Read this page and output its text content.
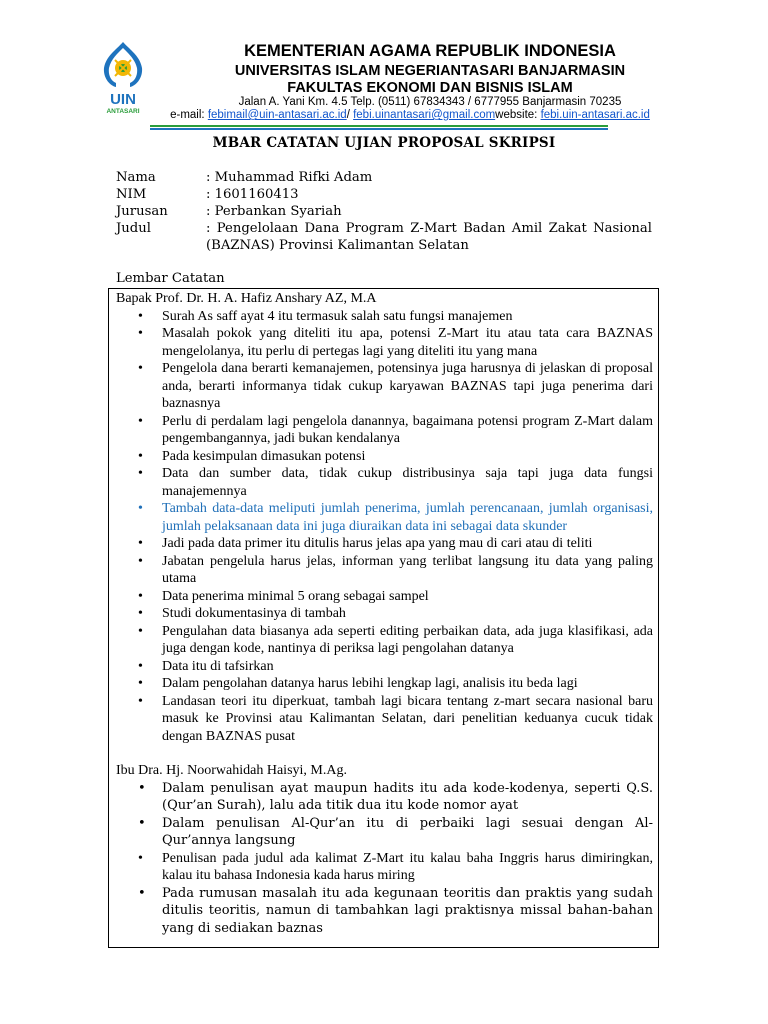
UIN
ANTASARI
KEMENTERIAN AGAMA REPUBLIK INDONESIA
UNIVERSITAS ISLAM NEGERIANTASARI BANJARMASIN
FAKULTAS EKONOMI DAN BISNIS ISLAM
Jalan A. Yani Km. 4.5 Telp. (0511) 67834343 / 6777955 Banjarmasin 70235
e-mail: febimail@uin-antasari.ac.id/ febi.uinantasari@gmail.comwebsite: febi.uin-antasari.ac.id
MBAR CATATAN UJIAN PROPOSAL SKRIPSI
Nama	: Muhammad Rifki Adam
NIM	: 1601160413
Jurusan	: Perbankan Syariah
Judul	: Pengelolaan Dana Program Z-Mart Badan Amil Zakat Nasional (BAZNAS) Provinsi Kalimantan Selatan
Lembar Catatan
Bapak Prof. Dr. H. A. Hafiz Anshary AZ, M.A
• Surah As saff ayat 4 itu termasuk salah satu fungsi manajemen
• Masalah pokok yang diteliti itu apa, potensi Z-Mart itu atau tata cara BAZNAS mengelolanya, itu perlu di pertegas lagi yang diteliti itu yang mana
• Pengelola dana berarti kemanajemen, potensinya juga harusnya di jelaskan di proposal anda, berarti informanya tidak cukup karyawan BAZNAS tapi juga penerima dari baznasnya
• Perlu di perdalam lagi pengelola danannya, bagaimana potensi program Z-Mart dalam pengembangannya, jadi bukan kendalanya
• Pada kesimpulan dimasukan potensi
• Data dan sumber data, tidak cukup distribusinya saja tapi juga data fungsi manajemennya
• Tambah data-data meliputi jumlah penerima, jumlah perencanaan, jumlah organisasi, jumlah pelaksanaan data ini juga diuraikan data ini sebagai data skunder
• Jadi pada data primer itu ditulis harus jelas apa yang mau di cari atau di teliti
• Jabatan pengelula harus jelas, informan yang terlibat langsung itu data yang paling utama
• Data penerima minimal 5 orang sebagai sampel
• Studi dokumentasinya di tambah
• Pengulahan data biasanya ada seperti editing perbaikan data, ada juga klasifikasi, ada juga dengan kode, nantinya di periksa lagi pengolahan datanya
• Data itu di tafsirkan
• Dalam pengolahan datanya harus lebihi lengkap lagi, analisis itu beda lagi
• Landasan teori itu diperkuat, tambah lagi bicara tentang z-mart secara nasional baru masuk ke Provinsi atau Kalimantan Selatan, dari penelitian keduanya cucuk tidak dengan BAZNAS pusat
Ibu Dra. Hj. Noorwahidah Haisyi, M.Ag.
• Dalam penulisan ayat maupun hadits itu ada kode-kodenya, seperti Q.S. (Qur’an Surah), lalu ada titik dua itu kode nomor ayat
• Dalam penulisan Al-Qur’an itu di perbaiki lagi sesuai dengan Al-Qur’annya langsung
• Penulisan pada judul ada kalimat Z-Mart itu kalau baha Inggris harus dimiringkan, kalau itu bahasa Indonesia kada harus miring
• Pada rumusan masalah itu ada kegunaan teoritis dan praktis yang sudah ditulis teoritis, namun di tambahkan lagi praktisnya missal bahan-bahan yang di sediakan baznas
